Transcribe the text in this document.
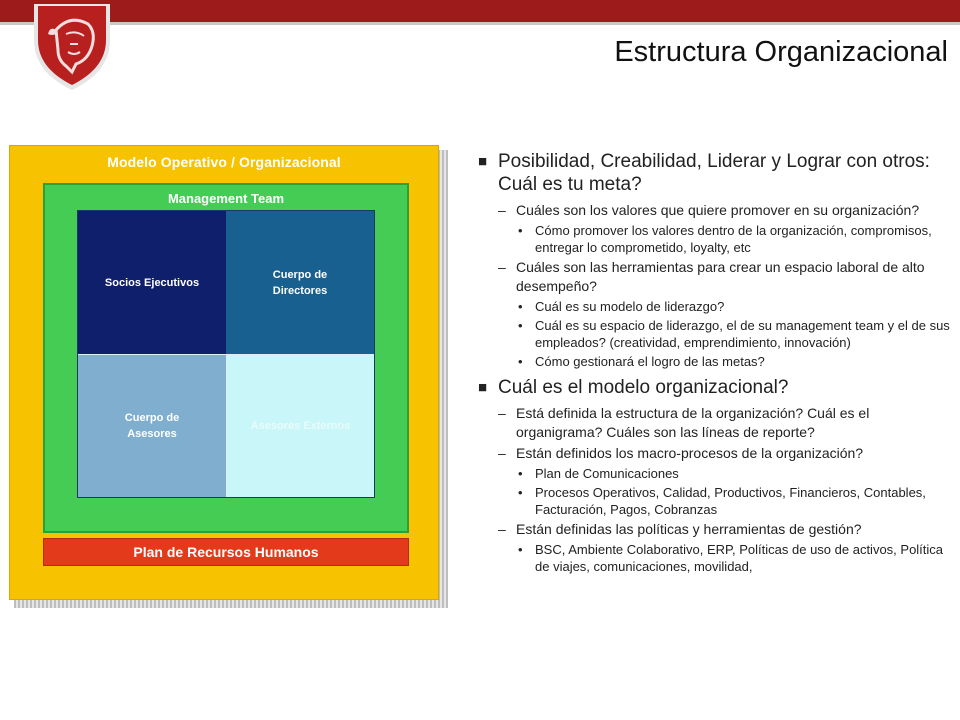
Estructura Organizacional
Modelo Operativo / Organizacional
Management Team
Socios Ejecutivos
Cuerpo de
Directores
Cuerpo de
Asesores
Asesores Externos
Plan de Recursos Humanos
■ Posibilidad, Creabilidad, Liderar y Lograr con otros: Cuál es tu meta?
– Cuáles son los valores que quiere promover en su organización?
• Cómo promover los valores dentro de la organización, compromisos, entregar lo comprometido, loyalty, etc
– Cuáles son las herramientas para crear un espacio laboral de alto desempeño?
• Cuál es su modelo de liderazgo?
• Cuál es su espacio de liderazgo, el de su management team y el de sus empleados? (creatividad, emprendimiento, innovación)
• Cómo gestionará el logro de las metas?
■ Cuál es el modelo organizacional?
– Está definida la estructura de la organización? Cuál es el organigrama? Cuáles son las líneas de reporte?
– Están definidos los macro-procesos de la organización?
• Plan de Comunicaciones
• Procesos Operativos, Calidad, Productivos, Financieros, Contables, Facturación, Pagos, Cobranzas
– Están definidas las políticas y herramientas de gestión?
• BSC, Ambiente Colaborativo, ERP, Políticas de uso de activos, Política de viajes, comunicaciones, movilidad,
